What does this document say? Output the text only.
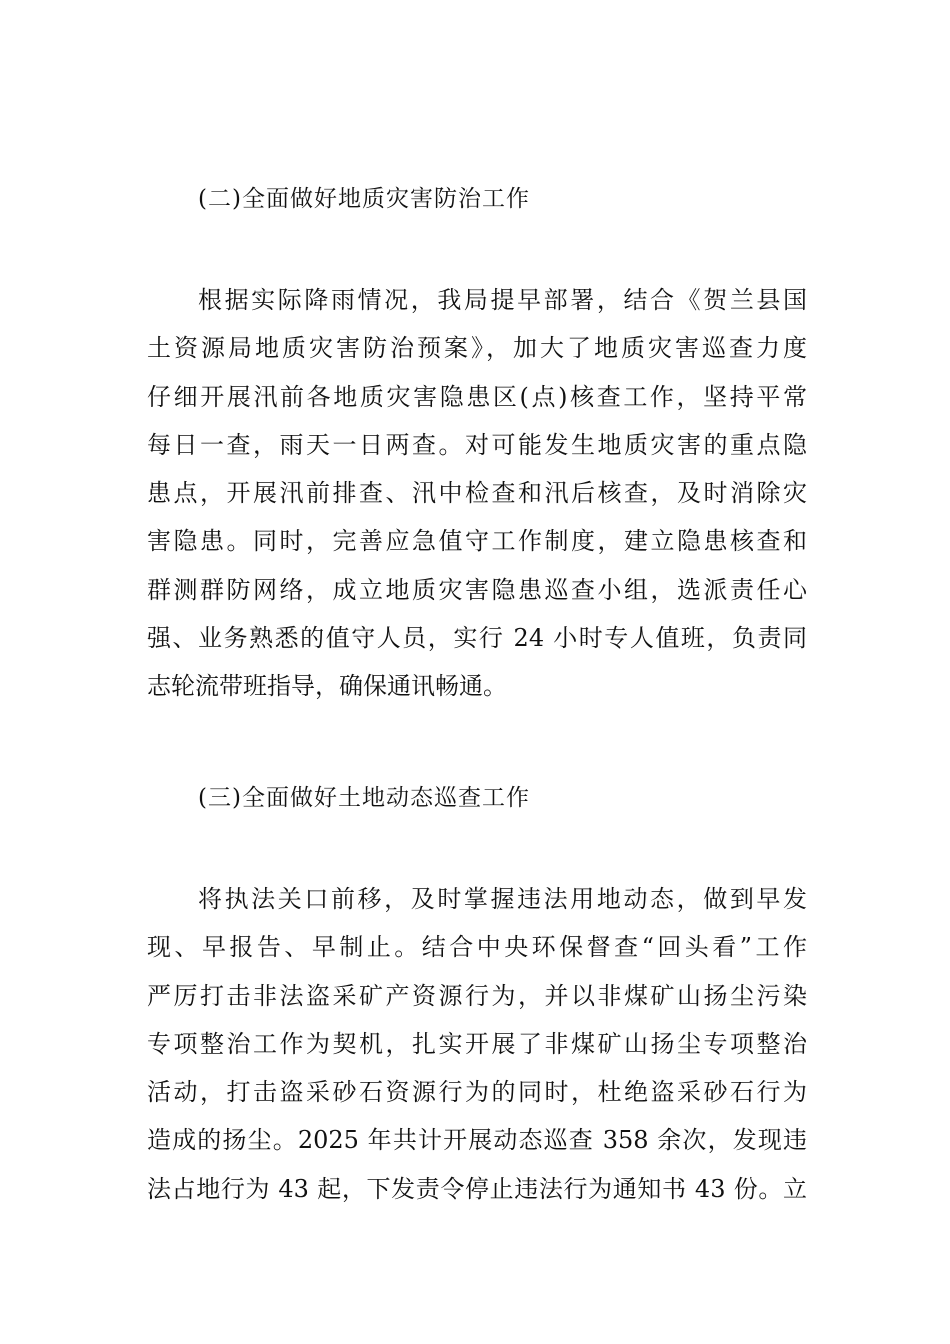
(二)全面做好地质灾害防治工作
根据实际降雨情况，我局提早部署，结合《贺兰县国
土资源局地质灾害防治预案》，加大了地质灾害巡查力度
仔细开展汛前各地质灾害隐患区(点)核查工作，坚持平常
每日一查，雨天一日两查。对可能发生地质灾害的重点隐
患点，开展汛前排查、汛中检查和汛后核查，及时消除灾
害隐患。同时，完善应急值守工作制度，建立隐患核查和
群测群防网络，成立地质灾害隐患巡查小组，选派责任心
强、业务熟悉的值守人员，实行 24 小时专人值班，负责同
志轮流带班指导，确保通讯畅通。
(三)全面做好土地动态巡查工作
将执法关口前移，及时掌握违法用地动态，做到早发
现、早报告、早制止。结合中央环保督查“回头看”工作
严厉打击非法盗采矿产资源行为，并以非煤矿山扬尘污染
专项整治工作为契机，扎实开展了非煤矿山扬尘专项整治
活动，打击盗采砂石资源行为的同时，杜绝盗采砂石行为
造成的扬尘。2025 年共计开展动态巡查 358 余次，发现违
法占地行为 43 起，下发责令停止违法行为通知书 43 份。立
